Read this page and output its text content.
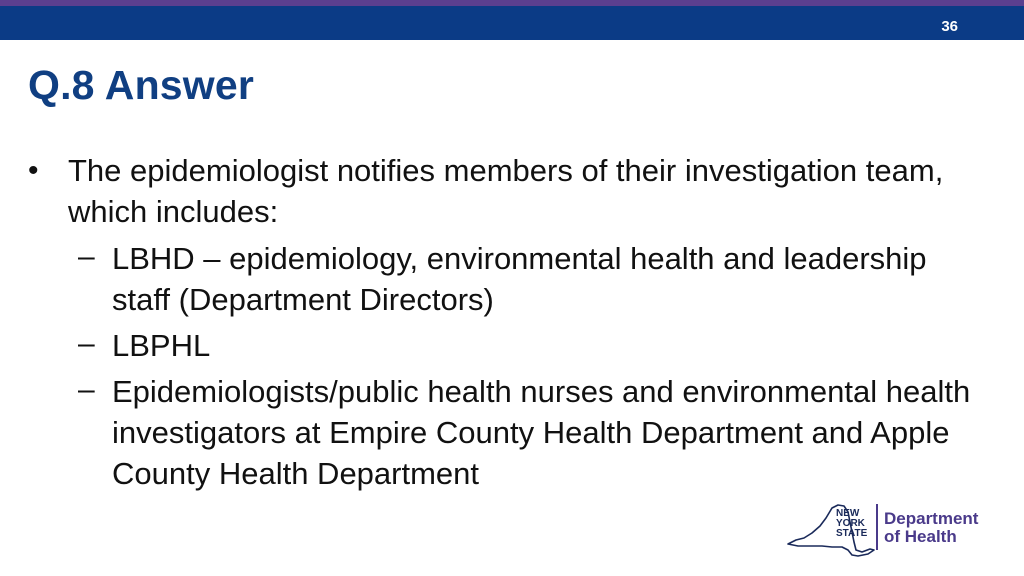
36
Q.8 Answer
• The epidemiologist notifies members of their investigation team, which includes:
– LBHD – epidemiology, environmental health and leadership staff (Department Directors)
– LBPHL
– Epidemiologists/public health nurses and environmental health investigators at Empire County Health Department and Apple County Health Department
NEW
YORK
STATE
Department
of Health
